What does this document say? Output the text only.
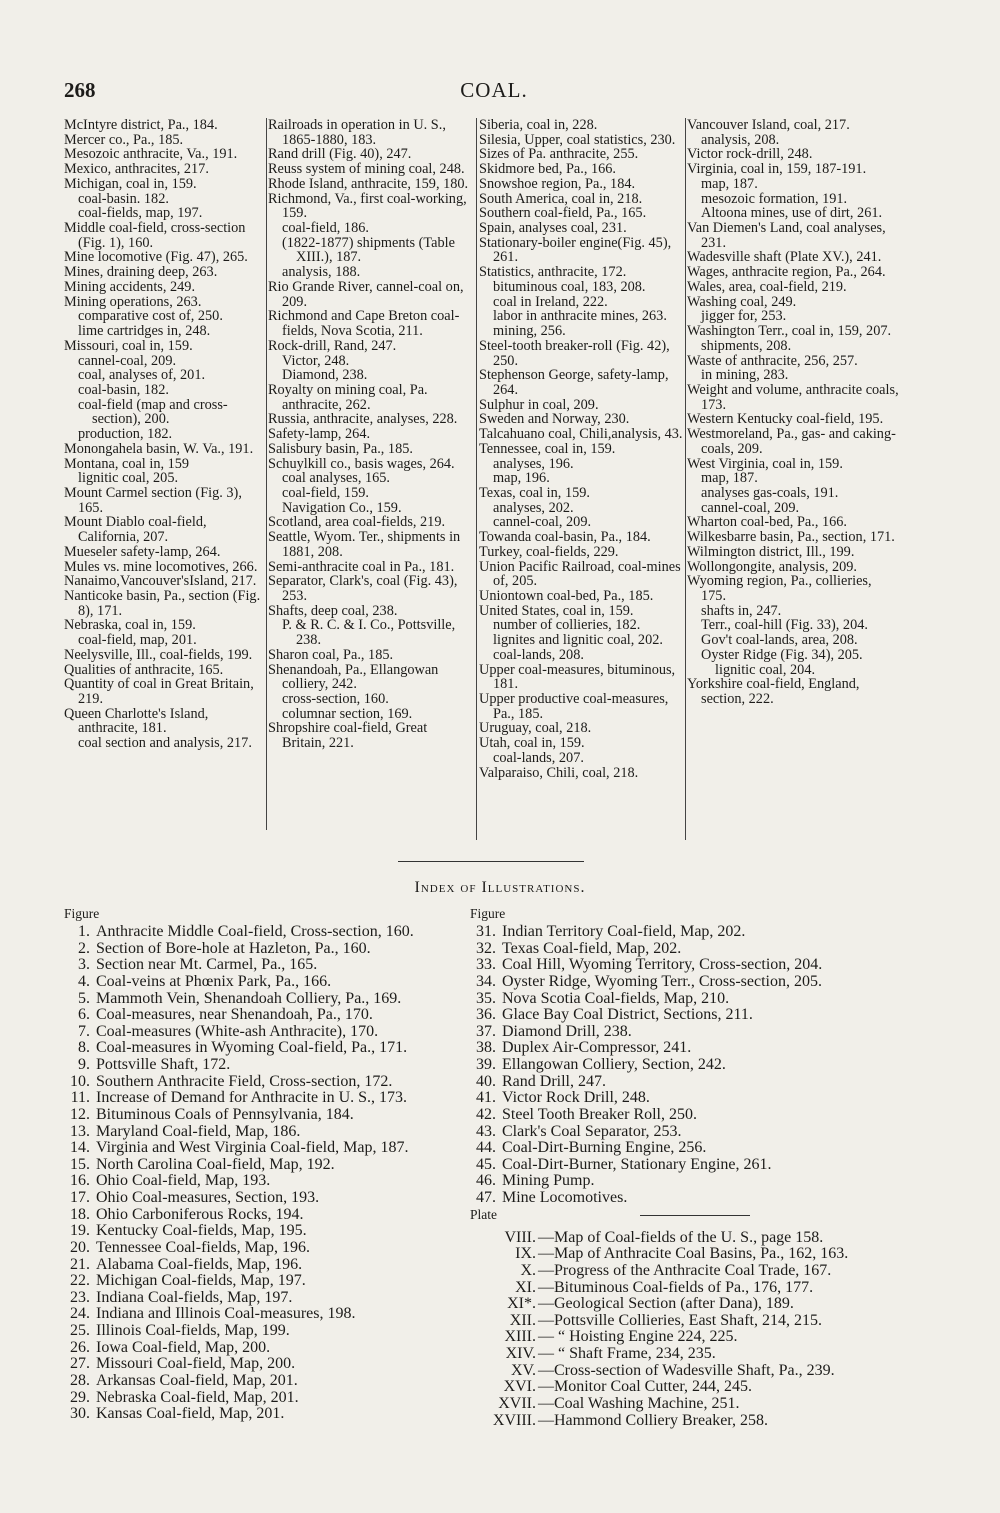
268	COAL.
McIntyre district, Pa., 184.
Mercer co., Pa., 185.
Mesozoic anthracite, Va., 191.
Mexico, anthracites, 217.
Michigan, coal in, 159.
coal-basin. 182.
coal-fields, map, 197.
Middle coal-field, cross-section (Fig. 1), 160.
Mine locomotive (Fig. 47), 265.
Mines, draining deep, 263.
Mining accidents, 249.
Mining operations, 263.
comparative cost of, 250.
lime cartridges in, 248.
Missouri, coal in, 159.
cannel-coal, 209.
coal, analyses of, 201.
coal-basin, 182.
coal-field (map and cross-section), 200.
production, 182.
Monongahela basin, W. Va., 191.
Montana, coal in, 159
lignitic coal, 205.
Mount Carmel section (Fig. 3), 165.
Mount Diablo coal-field, California, 207.
Mueseler safety-lamp, 264.
Mules vs. mine locomotives, 266.
Nanaimo,Vancouver'sIsland, 217.
Nanticoke basin, Pa., section (Fig. 8), 171.
Nebraska, coal in, 159.
coal-field, map, 201.
Neelysville, Ill., coal-fields, 199.
Qualities of anthracite, 165.
Quantity of coal in Great Britain, 219.
Queen Charlotte's Island, anthracite, 181.
coal section and analysis, 217.
Railroads in operation in U. S., 1865-1880, 183.
Rand drill (Fig. 40), 247.
Reuss system of mining coal, 248.
Rhode Island, anthracite, 159, 180.
Richmond, Va., first coal-working, 159.
coal-field, 186.
(1822-1877) shipments (Table XIII.), 187.
analysis, 188.
Rio Grande River, cannel-coal on, 209.
Richmond and Cape Breton coal-fields, Nova Scotia, 211.
Rock-drill, Rand, 247.
Victor, 248.
Diamond, 238.
Royalty on mining coal, Pa. anthracite, 262.
Russia, anthracite, analyses, 228.
Safety-lamp, 264.
Salisbury basin, Pa., 185.
Schuylkill co., basis wages, 264.
coal analyses, 165.
coal-field, 159.
Navigation Co., 159.
Scotland, area coal-fields, 219.
Seattle, Wyom. Ter., shipments in 1881, 208.
Semi-anthracite coal in Pa., 181.
Separator, Clark's, coal (Fig. 43), 253.
Shafts, deep coal, 238.
P. & R. C. & I. Co., Pottsville, 238.
Sharon coal, Pa., 185.
Shenandoah, Pa., Ellangowan colliery, 242.
cross-section, 160.
columnar section, 169.
Shropshire coal-field, Great Britain, 221.
Siberia, coal in, 228.
Silesia, Upper, coal statistics, 230.
Sizes of Pa. anthracite, 255.
Skidmore bed, Pa., 166.
Snowshoe region, Pa., 184.
South America, coal in, 218.
Southern coal-field, Pa., 165.
Spain, analyses coal, 231.
Stationary-boiler engine(Fig. 45), 261.
Statistics, anthracite, 172.
bituminous coal, 183, 208.
coal in Ireland, 222.
labor in anthracite mines, 263.
mining, 256.
Steel-tooth breaker-roll (Fig. 42), 250.
Stephenson George, safety-lamp, 264.
Sulphur in coal, 209.
Sweden and Norway, 230.
Talcahuano coal, Chili,analysis, 43.
Tennessee, coal in, 159.
analyses, 196.
map, 196.
Texas, coal in, 159.
analyses, 202.
cannel-coal, 209.
Towanda coal-basin, Pa., 184.
Turkey, coal-fields, 229.
Union Pacific Railroad, coal-mines of, 205.
Uniontown coal-bed, Pa., 185.
United States, coal in, 159.
number of collieries, 182.
lignites and lignitic coal, 202.
coal-lands, 208.
Upper coal-measures, bituminous, 181.
Upper productive coal-measures, Pa., 185.
Uruguay, coal, 218.
Utah, coal in, 159.
coal-lands, 207.
Valparaiso, Chili, coal, 218.
Vancouver Island, coal, 217.
analysis, 208.
Victor rock-drill, 248.
Virginia, coal in, 159, 187-191.
map, 187.
mesozoic formation, 191.
Altoona mines, use of dirt, 261.
Van Diemen's Land, coal analyses, 231.
Wadesville shaft (Plate XV.), 241.
Wages, anthracite region, Pa., 264.
Wales, area, coal-field, 219.
Washing coal, 249.
jigger for, 253.
Washington Terr., coal in, 159, 207.
shipments, 208.
Waste of anthracite, 256, 257.
in mining, 283.
Weight and volume, anthracite coals, 173.
Western Kentucky coal-field, 195.
Westmoreland, Pa., gas- and caking-coals, 209.
West Virginia, coal in, 159.
map, 187.
analyses gas-coals, 191.
cannel-coal, 209.
Wharton coal-bed, Pa., 166.
Wilkesbarre basin, Pa., section, 171.
Wilmington district, Ill., 199.
Wollongongite, analysis, 209.
Wyoming region, Pa., collieries, 175.
shafts in, 247.
Terr., coal-hill (Fig. 33), 204.
Gov't coal-lands, area, 208.
Oyster Ridge (Fig. 34), 205. lignitic coal, 204.
Yorkshire coal-field, England, section, 222.
Index of Illustrations.
Figure
1. Anthracite Middle Coal-field, Cross-section, 160.
2. Section of Bore-hole at Hazleton, Pa., 160.
3. Section near Mt. Carmel, Pa., 165.
4. Coal-veins at Phœnix Park, Pa., 166.
5. Mammoth Vein, Shenandoah Colliery, Pa., 169.
6. Coal-measures, near Shenandoah, Pa., 170.
7. Coal-measures (White-ash Anthracite), 170.
8. Coal-measures in Wyoming Coal-field, Pa., 171.
9. Pottsville Shaft, 172.
10. Southern Anthracite Field, Cross-section, 172.
11. Increase of Demand for Anthracite in U. S., 173.
12. Bituminous Coals of Pennsylvania, 184.
13. Maryland Coal-field, Map, 186.
14. Virginia and West Virginia Coal-field, Map, 187.
15. North Carolina Coal-field, Map, 192.
16. Ohio Coal-field, Map, 193.
17. Ohio Coal-measures, Section, 193.
18. Ohio Carboniferous Rocks, 194.
19. Kentucky Coal-fields, Map, 195.
20. Tennessee Coal-fields, Map, 196.
21. Alabama Coal-fields, Map, 196.
22. Michigan Coal-fields, Map, 197.
23. Indiana Coal-fields, Map, 197.
24. Indiana and Illinois Coal-measures, 198.
25. Illinois Coal-fields, Map, 199.
26. Iowa Coal-field, Map, 200.
27. Missouri Coal-field, Map, 200.
28. Arkansas Coal-field, Map, 201.
29. Nebraska Coal-field, Map, 201.
30. Kansas Coal-field, Map, 201.
Figure
31. Indian Territory Coal-field, Map, 202.
32. Texas Coal-field, Map, 202.
33. Coal Hill, Wyoming Territory, Cross-section, 204.
34. Oyster Ridge, Wyoming Terr., Cross-section, 205.
35. Nova Scotia Coal-fields, Map, 210.
36. Glace Bay Coal District, Sections, 211.
37. Diamond Drill, 238.
38. Duplex Air-Compressor, 241.
39. Ellangowan Colliery, Section, 242.
40. Rand Drill, 247.
41. Victor Rock Drill, 248.
42. Steel Tooth Breaker Roll, 250.
43. Clark's Coal Separator, 253.
44. Coal-Dirt-Burning Engine, 256.
45. Coal-Dirt-Burner, Stationary Engine, 261.
46. Mining Pump.
47. Mine Locomotives.
Plate
VIII. —Map of Coal-fields of the U. S., page 158.
IX. —Map of Anthracite Coal Basins, Pa., 162, 163.
X. —Progress of the Anthracite Coal Trade, 167.
XI. —Bituminous Coal-fields of Pa., 176, 177.
XI*. —Geological Section (after Dana), 189.
XII. —Pottsville Collieries, East Shaft, 214, 215.
XIII. — “ Hoisting Engine 224, 225.
XIV. — “ Shaft Frame, 234, 235.
XV. —Cross-section of Wadesville Shaft, Pa., 239.
XVI. —Monitor Coal Cutter, 244, 245.
XVII. —Coal Washing Machine, 251.
XVIII. —Hammond Colliery Breaker, 258.
